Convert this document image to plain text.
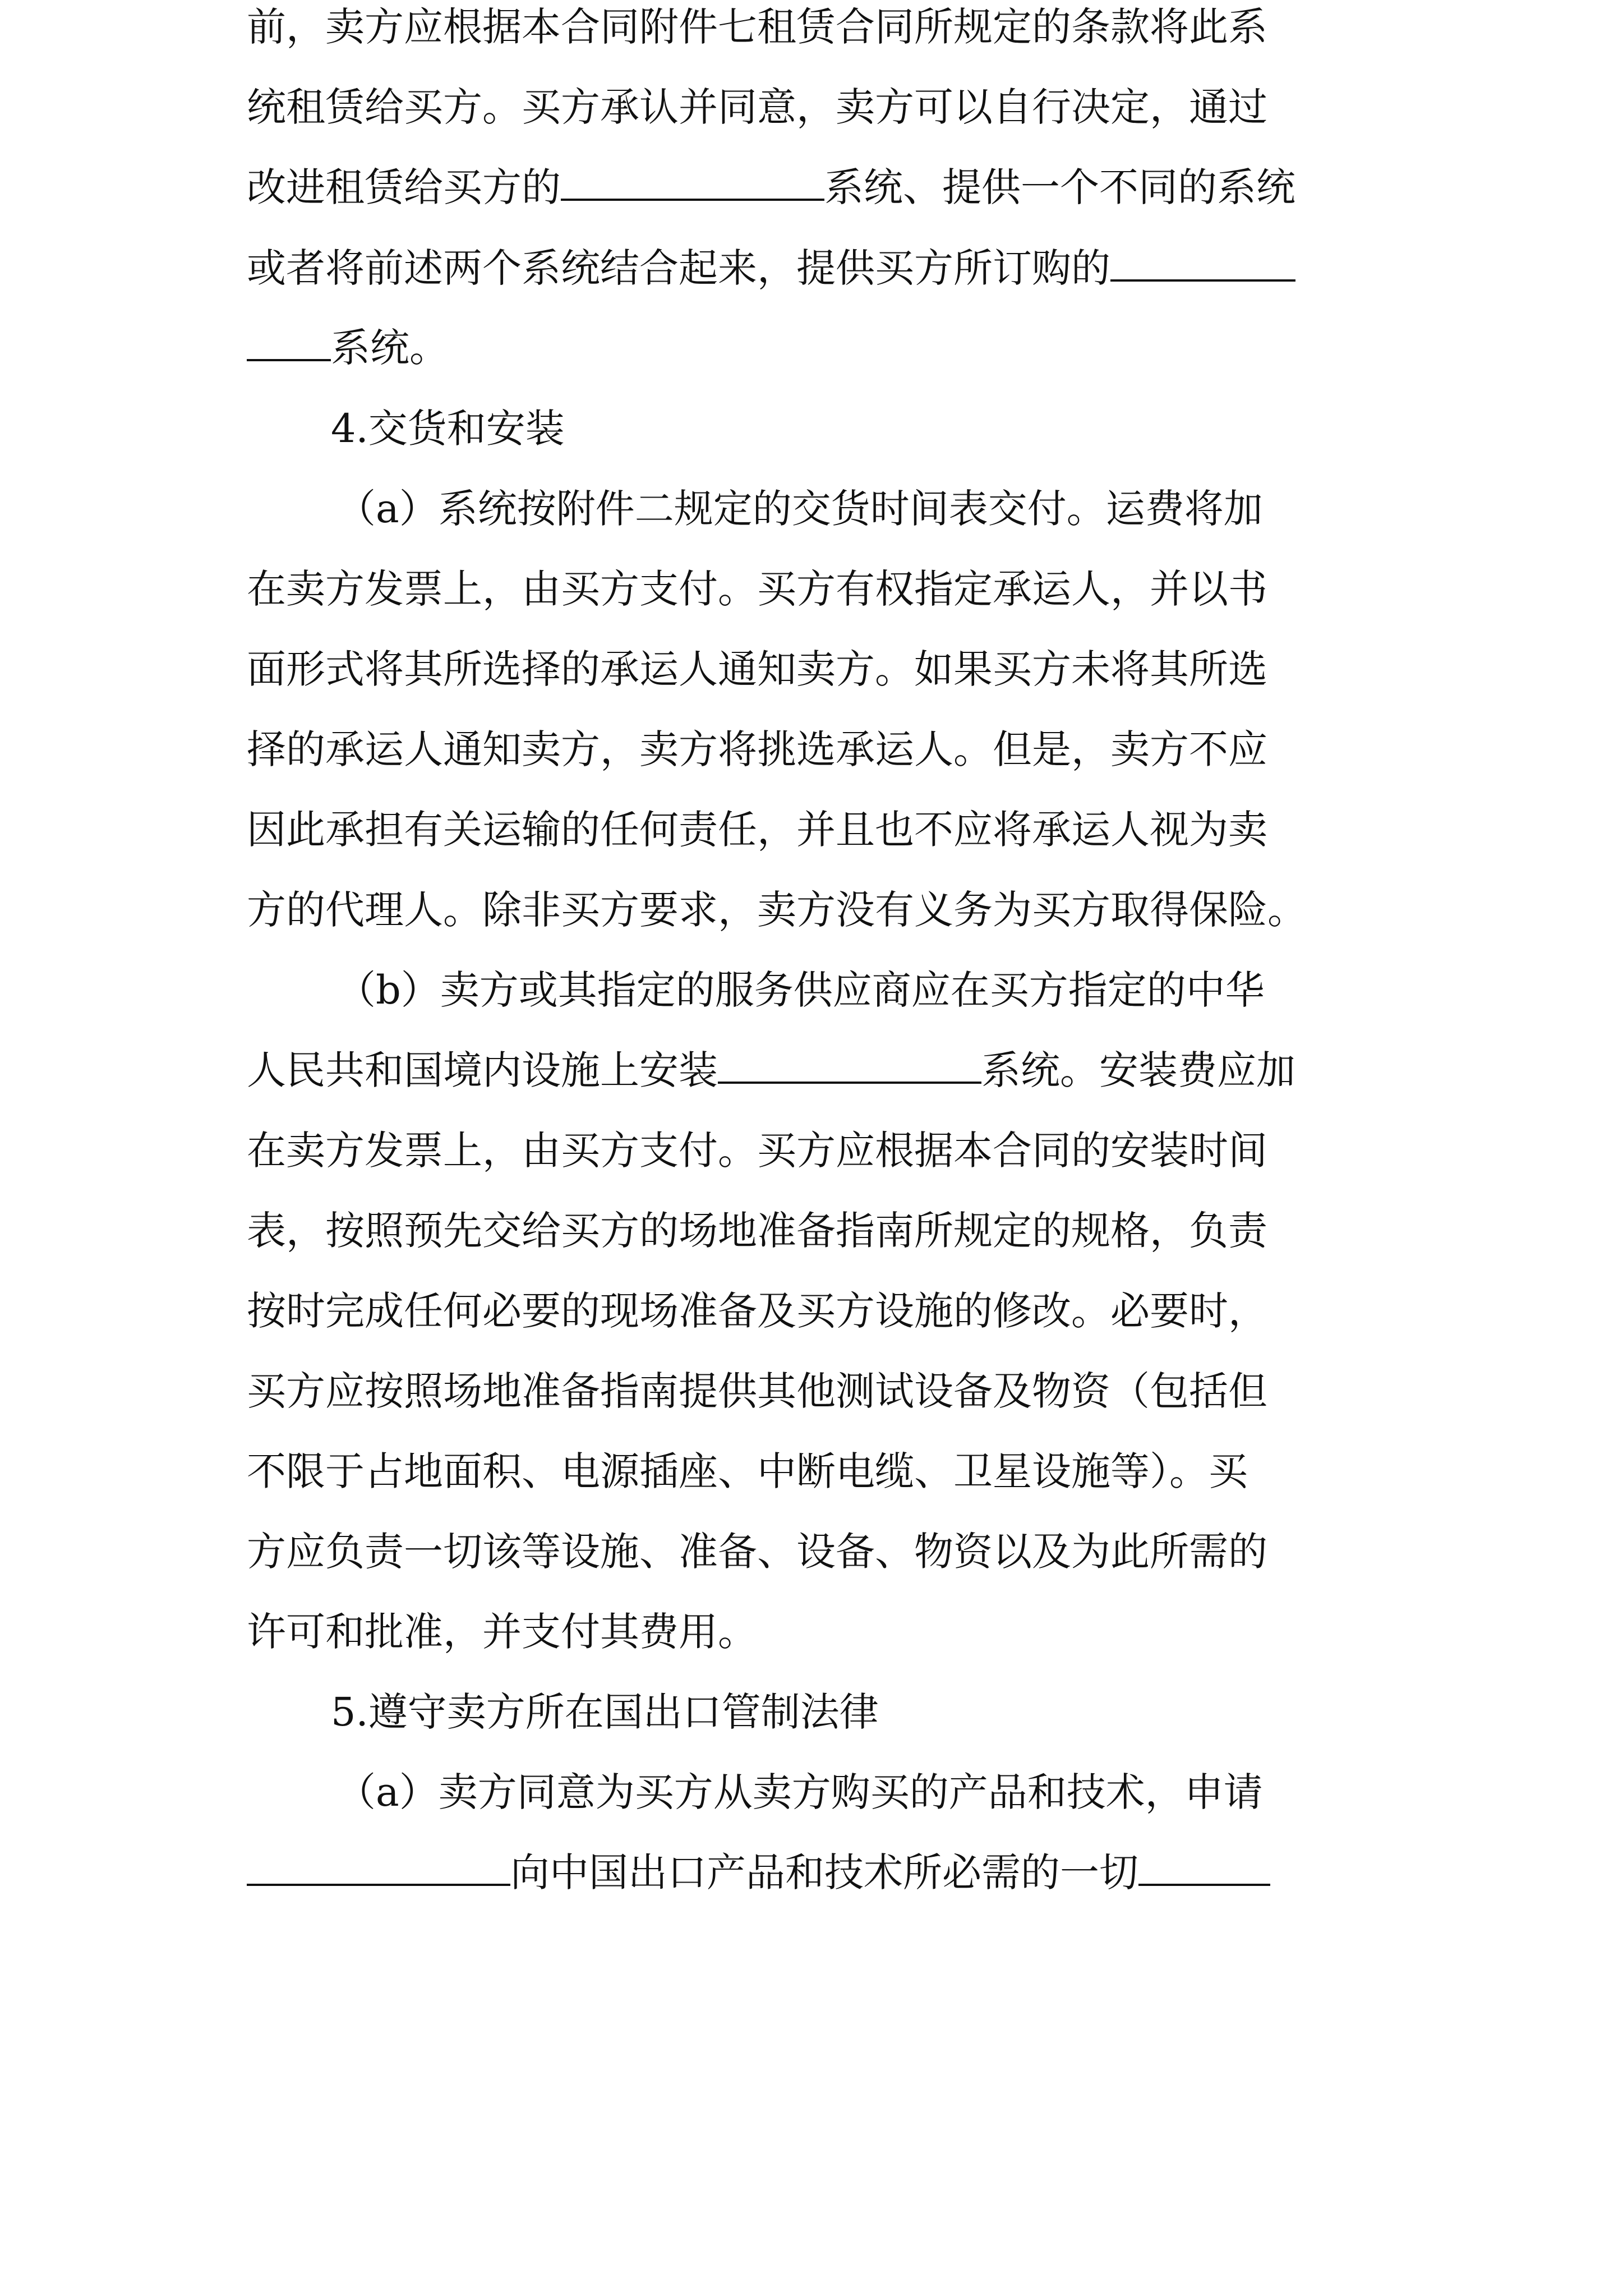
前，卖方应根据本合同附件七租赁合同所规定的条款将此系
统租赁给买方。买方承认并同意，卖方可以自行决定，通过
改进租赁给买方的	系统、提供一个不同的系统
或者将前述两个系统结合起来，提供买方所订购的
系统。
4.交货和安装
（a）系统按附件二规定的交货时间表交付。运费将加
在卖方发票上，由买方支付。买方有权指定承运人，并以书
面形式将其所选择的承运人通知卖方。如果买方未将其所选
择的承运人通知卖方，卖方将挑选承运人。但是，卖方不应
因此承担有关运输的任何责任，并且也不应将承运人视为卖
方的代理人。除非买方要求，卖方没有义务为买方取得保险。
（b）卖方或其指定的服务供应商应在买方指定的中华
人民共和国境内设施上安装	系统。安装费应加
在卖方发票上，由买方支付。买方应根据本合同的安装时间
表，按照预先交给买方的场地准备指南所规定的规格，负责
按时完成任何必要的现场准备及买方设施的修改。必要时，
买方应按照场地准备指南提供其他测试设备及物资（包括但
不限于占地面积、电源插座、中断电缆、卫星设施等）。买
方应负责一切该等设施、准备、设备、物资以及为此所需的
许可和批准，并支付其费用。
5.遵守卖方所在国出口管制法律
（a）卖方同意为买方从卖方购买的产品和技术，申请
向中国出口产品和技术所必需的一切
